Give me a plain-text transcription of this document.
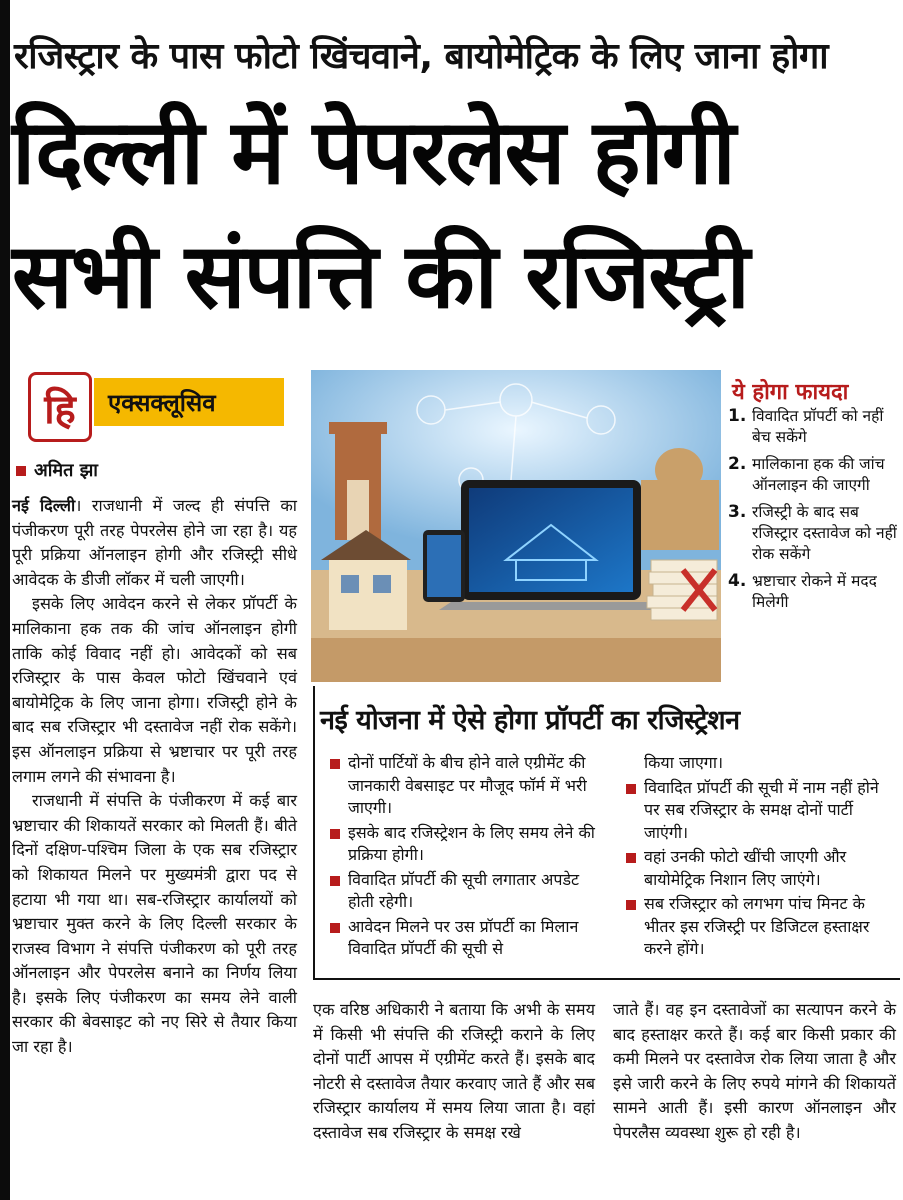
रजिस्ट्रार के पास फोटो खिंचवाने, बायोमेट्रिक के लिए जाना होगा
दिल्ली में पेपरलेस होगी
सभी संपत्ति की रजिस्ट्री
हि	एक्सक्लूसिव
अमित झा

नई दिल्ली। राजधानी में जल्द ही संपत्ति का पंजीकरण पूरी तरह पेपरलेस होने जा रहा है। यह पूरी प्रक्रिया ऑनलाइन होगी और रजिस्ट्री सीधे आवेदक के डीजी लॉकर में चली जाएगी।

इसके लिए आवेदन करने से लेकर प्रॉपर्टी के मालिकाना हक तक की जांच ऑनलाइन होगी ताकि कोई विवाद नहीं हो। आवेदकों को सब रजिस्ट्रार के पास केवल फोटो खिंचवाने एवं बायोमेट्रिक के लिए जाना होगा। रजिस्ट्री होने के बाद सब रजिस्ट्रार भी दस्तावेज नहीं रोक सकेंगे। इस ऑनलाइन प्रक्रिया से भ्रष्टाचार पर पूरी तरह लगाम लगने की संभावना है।

राजधानी में संपत्ति के पंजीकरण में कई बार भ्रष्टाचार की शिकायतें सरकार को मिलती हैं। बीते दिनों दक्षिण-पश्चिम जिला के एक सब रजिस्ट्रार को शिकायत मिलने पर मुख्यमंत्री द्वारा पद से हटाया भी गया था। सब-रजिस्ट्रार कार्यालयों को भ्रष्टाचार मुक्त करने के लिए दिल्ली सरकार के राजस्व विभाग ने संपत्ति पंजीकरण को पूरी तरह ऑनलाइन और पेपरलेस बनाने का निर्णय लिया है। इसके लिए पंजीकरण का समय लेने वाली सरकार की बेवसाइट को नए सिरे से तैयार किया जा रहा है।

ये होगा फायदा
1. विवादित प्रॉपर्टी को नहीं बेच सकेंगे
2. मालिकाना हक की जांच ऑनलाइन की जाएगी
3. रजिस्ट्री के बाद सब रजिस्ट्रार दस्तावेज को नहीं रोक सकेंगे
4. भ्रष्टाचार रोकने में मदद मिलेगी
नई योजना में ऐसे होगा प्रॉपर्टी का रजिस्ट्रेशन
दोनों पार्टियों के बीच होने वाले एग्रीमेंट की जानकारी वेबसाइट पर मौजूद फॉर्म में भरी जाएगी।
इसके बाद रजिस्ट्रेशन के लिए समय लेने की प्रक्रिया होगी।
विवादित प्रॉपर्टी की सूची लगातार अपडेट होती रहेगी।
आवेदन मिलने पर उस प्रॉपर्टी का मिलान विवादित प्रॉपर्टी की सूची से
किया जाएगा।
विवादित प्रॉपर्टी की सूची में नाम नहीं होने पर सब रजिस्ट्रार के समक्ष दोनों पार्टी जाएंगी।
वहां उनकी फोटो खींची जाएगी और बायोमेट्रिक निशान लिए जाएंगे।
सब रजिस्ट्रार को लगभग पांच मिनट के भीतर इस रजिस्ट्री पर डिजिटल हस्ताक्षर करने होंगे।

एक वरिष्ठ अधिकारी ने बताया कि अभी के समय में किसी भी संपत्ति की रजिस्ट्री कराने के लिए दोनों पार्टी आपस में एग्रीमेंट करते हैं। इसके बाद नोटरी से दस्तावेज तैयार करवाए जाते हैं और सब रजिस्ट्रार कार्यालय में समय लिया जाता है। वहां दस्तावेज सब रजिस्ट्रार के समक्ष रखे

जाते हैं। वह इन दस्तावेजों का सत्यापन करने के बाद हस्ताक्षर करते हैं। कई बार किसी प्रकार की कमी मिलने पर दस्तावेज रोक लिया जाता है और इसे जारी करने के लिए रुपये मांगने की शिकायतें सामने आती हैं। इसी कारण ऑनलाइन और पेपरलैस व्यवस्था शुरू हो रही है।
